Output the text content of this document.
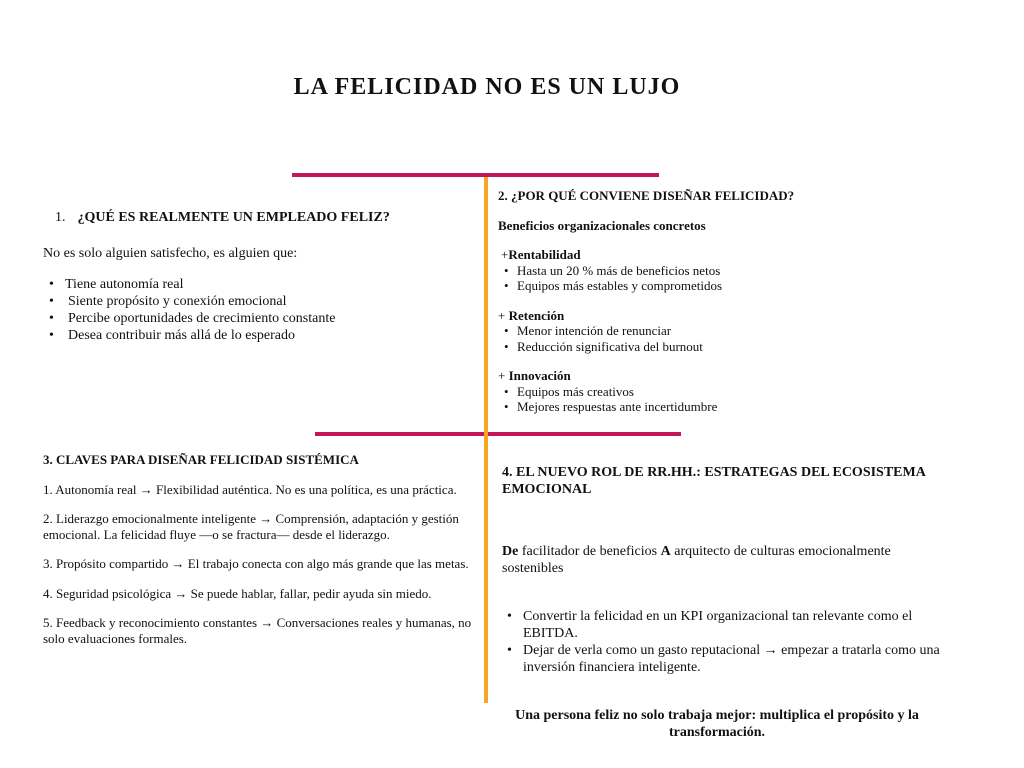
LA FELICIDAD NO ES UN LUJO

1. ¿QUÉ ES REALMENTE UN EMPLEADO FELIZ?

No es solo alguien satisfecho, es alguien que:

• Tiene autonomía real
• Siente propósito y conexión emocional
• Percibe oportunidades de crecimiento constante
• Desea contribuir más allá de lo esperado

2. ¿POR QUÉ CONVIENE DISEÑAR FELICIDAD?

Beneficios organizacionales concretos

+Rentabilidad

• Hasta un 20 % más de beneficios netos
• Equipos más estables y comprometidos

+ Retención

• Menor intención de renunciar
• Reducción significativa del burnout

+ Innovación

• Equipos más creativos
• Mejores respuestas ante incertidumbre

3. CLAVES PARA DISEÑAR FELICIDAD SISTÉMICA

1. Autonomía real → Flexibilidad auténtica. No es una política, es una práctica.

2. Liderazgo emocionalmente inteligente → Comprensión, adaptación y gestión emocional. La felicidad fluye —o se fractura— desde el liderazgo.

3. Propósito compartido → El trabajo conecta con algo más grande que las metas.

4. Seguridad psicológica → Se puede hablar, fallar, pedir ayuda sin miedo.

5. Feedback y reconocimiento constantes → Conversaciones reales y humanas, no solo evaluaciones formales.

4. EL NUEVO ROL DE RR.HH.: ESTRATEGAS DEL ECOSISTEMA EMOCIONAL

De facilitador de beneficios A arquitecto de culturas emocionalmente sostenibles

• Convertir la felicidad en un KPI organizacional tan relevante como el EBITDA.
• Dejar de verla como un gasto reputacional → empezar a tratarla como una inversión financiera inteligente.

Una persona feliz no solo trabaja mejor: multiplica el propósito y la transformación.
